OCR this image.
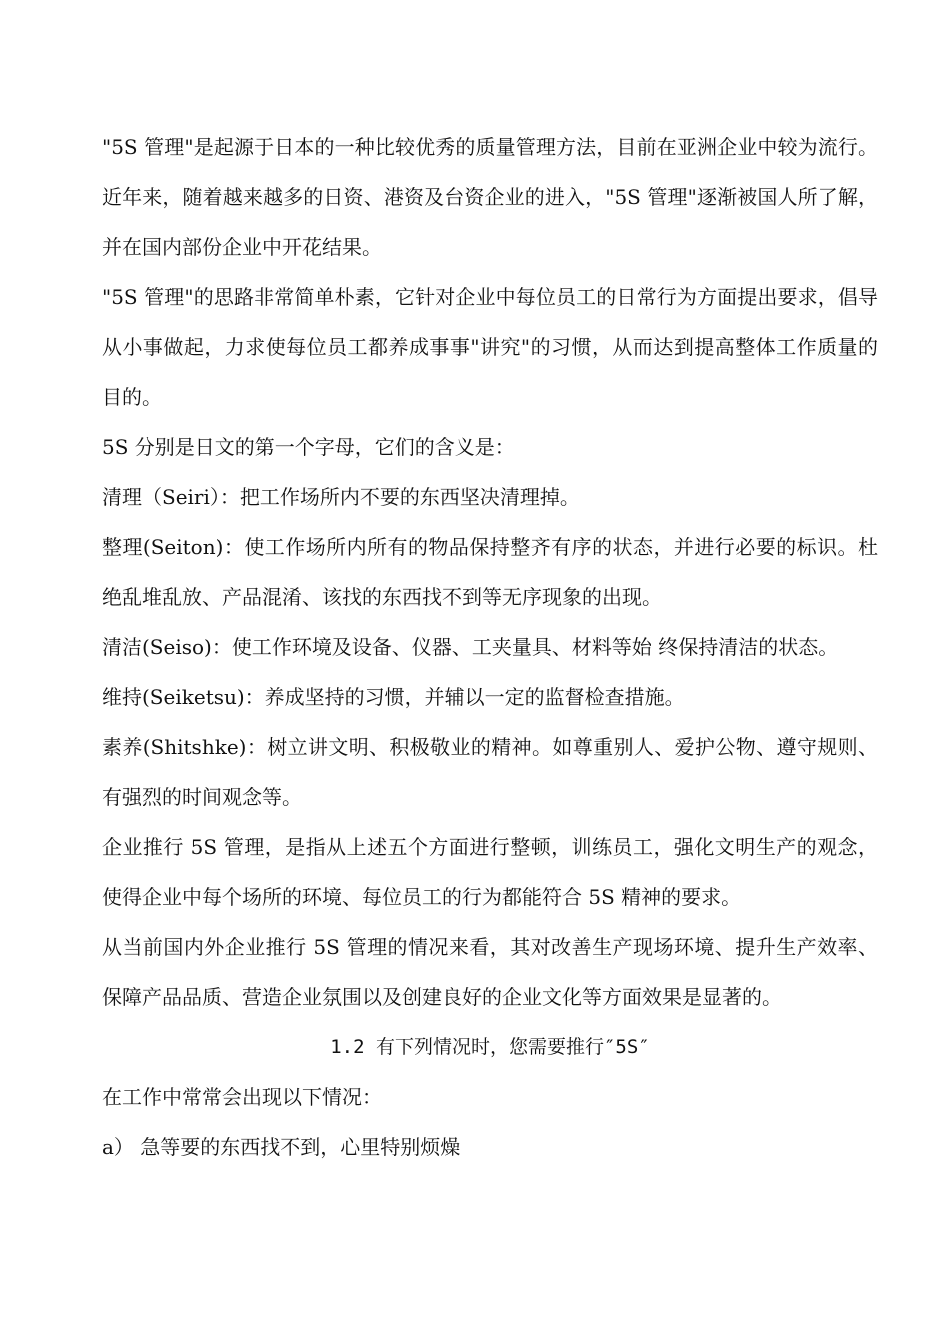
"5S 管理"是起源于日本的一种比较优秀的质量管理方法，目前在亚洲企业中较为流行。近年来，随着越来越多的日资、港资及台资企业的进入，"5S 管理"逐渐被国人所了解，并在国内部份企业中开花结果。

"5S 管理"的思路非常简单朴素，它针对企业中每位员工的日常行为方面提出要求，倡导从小事做起，力求使每位员工都养成事事"讲究"的习惯，从而达到提高整体工作质量的目的。

5S 分别是日文的第一个字母，它们的含义是：

清理（Seiri）：把工作场所内不要的东西坚决清理掉。

整理(Seiton)：使工作场所内所有的物品保持整齐有序的状态，并进行必要的标识。杜绝乱堆乱放、产品混淆、该找的东西找不到等无序现象的出现。

清洁(Seiso)：使工作环境及设备、仪器、工夹量具、材料等始 终保持清洁的状态。

维持(Seiketsu)：养成坚持的习惯，并辅以一定的监督检查措施。

素养(Shitshke)：树立讲文明、积极敬业的精神。如尊重别人、爱护公物、遵守规则、有强烈的时间观念等。

企业推行 5S 管理，是指从上述五个方面进行整顿，训练员工，强化文明生产的观念，使得企业中每个场所的环境、每位员工的行为都能符合 5S 精神的要求。

从当前国内外企业推行 5S 管理的情况来看，其对改善生产现场环境、提升生产效率、保障产品品质、营造企业氛围以及创建良好的企业文化等方面效果是显著的。

1.2 有下列情况时，您需要推行″5S″

在工作中常常会出现以下情况：

a） 急等要的东西找不到，心里特别烦燥
